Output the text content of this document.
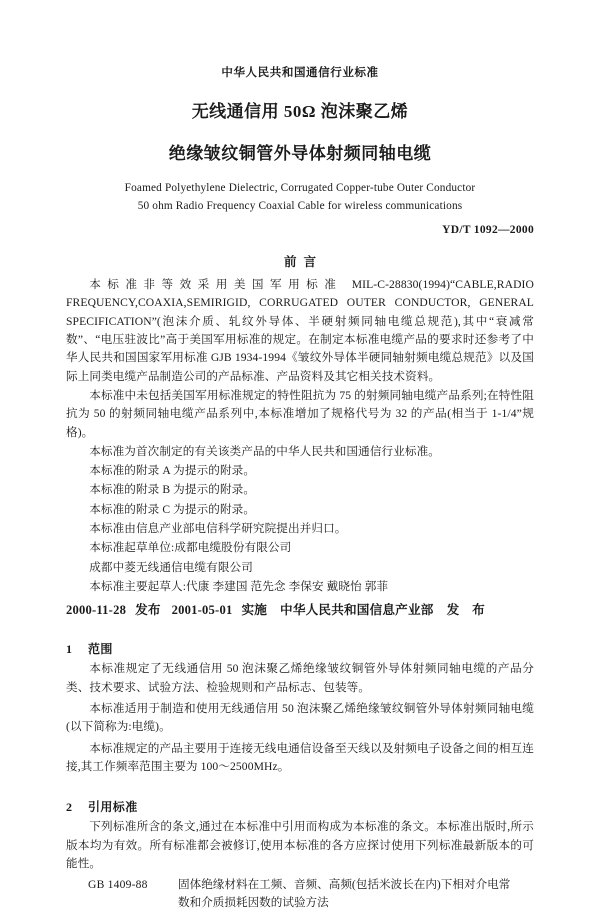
中华人民共和国通信行业标准
无线通信用 50Ω 泡沫聚乙烯
绝缘皱纹铜管外导体射频同轴电缆
Foamed Polyethylene Dielectric, Corrugated Copper-tube Outer Conductor
50 ohm Radio Frequency Coaxial Cable for wireless communications
YD/T 1092—2000
前言

本标准非等效采用美国军用标准 MIL-C-28830(1994)“CABLE,RADIO FREQUENCY,COAXIA,SEMIRIGID, CORRUGATED OUTER CONDUCTOR, GENERAL SPECIFICATION”(泡沫介质、轧纹外导体、半硬射频同轴电缆总规范),其中“衰减常数”、“电压驻波比”高于美国军用标准的规定。在制定本标准电缆产品的要求时还参考了中华人民共和国国家军用标准 GJB 1934-1994《皱纹外导体半硬同轴射频电缆总规范》以及国际上同类电缆产品制造公司的产品标准、产品资料及其它相关技术资料。

本标准中未包括美国军用标准规定的特性阻抗为 75 的射频同轴电缆产品系列;在特性阻抗为 50 的射频同轴电缆产品系列中,本标准增加了规格代号为 32 的产品(相当于 1-1/4”规格)。

本标准为首次制定的有关该类产品的中华人民共和国通信行业标准。

本标准的附录 A 为提示的附录。

本标准的附录 B 为提示的附录。

本标准的附录 C 为提示的附录。

本标准由信息产业部电信科学研究院提出并归口。

本标准起草单位:成都电缆股份有限公司

成都中菱无线通信电缆有限公司

本标准主要起草人:代康 李建国 范先念 李保安 戴晓怡 郭菲

2000-11-28 发布 2001-05-01 实施 中华人民共和国信息产业部 发　布
1 范围

本标准规定了无线通信用 50 泡沫聚乙烯绝缘皱纹铜管外导体射频同轴电缆的产品分类、技术要求、试验方法、检验规则和产品标志、包装等。

本标准适用于制造和使用无线通信用 50 泡沫聚乙烯绝缘皱纹铜管外导体射频同轴电缆(以下简称为:电缆)。

本标准规定的产品主要用于连接无线电通信设备至天线以及射频电子设备之间的相互连接,其工作频率范围主要为 100～2500MHz。

2 引用标准

下列标准所含的条文,通过在本标准中引用而构成为本标准的条文。本标准出版时,所示版本均为有效。所有标准都会被修订,使用本标准的各方应探讨使用下列标准最新版本的可能性。

GB 1409-88	固体绝缘材料在工频、音频、高频(包括米波长在内)下相对介电常
数和介质损耗因数的试验方法
